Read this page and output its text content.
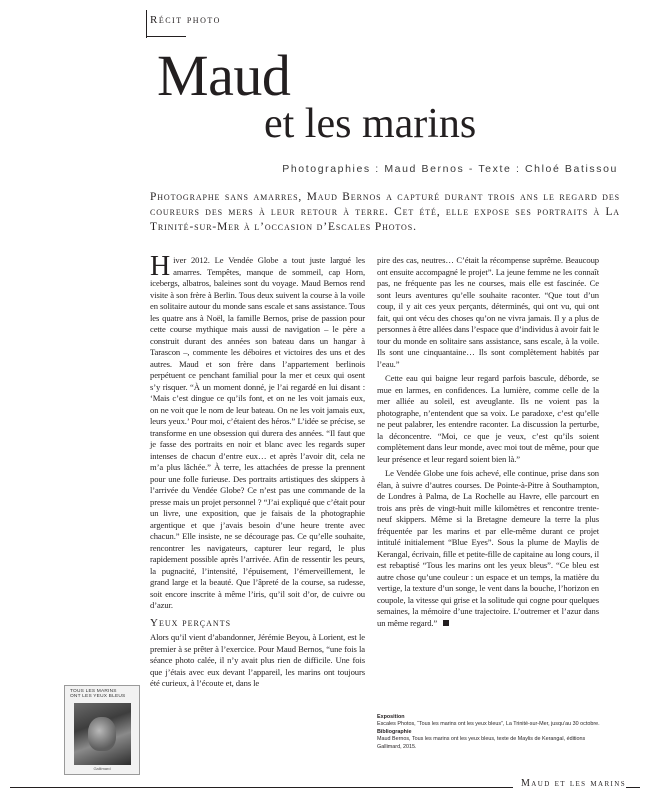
Récit photo
Maud
et les marins
Photographies : Maud Bernos - Texte : Chloé Batissou
Photographe sans amarres, Maud Bernos a capturé durant trois ans le regard des coureurs des mers à leur retour à terre. Cet été, elle expose ses portraits à La Trinité-sur-Mer à l’occasion d’Escales Photos.

Hiver 2012. Le Vendée Globe a tout juste largué les amarres. Tempêtes, manque de sommeil, cap Horn, icebergs, albatros, baleines sont du voyage. Maud Bernos rend visite à son frère à Berlin. Tous deux suivent la course à la voile en solitaire autour du monde sans escale et sans assistance. Tous les quatre ans à Noël, la famille Bernos, prise de passion pour cette course mythique mais aussi de navigation – le père a construit durant des années son bateau dans un hangar à Tarascon –, commente les déboires et victoires des uns et des autres. Maud et son frère dans l’appartement berlinois perpétuent ce penchant familial pour la mer et ceux qui osent s’y risquer. “À un moment donné, je l’ai regardé en lui disant : ‘Mais c’est dingue ce qu’ils font, et on ne les voit jamais eux, on ne voit que le nom de leur bateau. On ne les voit jamais eux, leurs yeux.’ Pour moi, c’étaient des héros.” L’idée se précise, se transforme en une obsession qui durera des années. “Il faut que je fasse des portraits en noir et blanc avec les regards super intenses de chacun d’entre eux… et après l’avoir dit, cela ne m’a plus lâchée.” À terre, les attachées de presse la prennent pour une folle furieuse. Des portraits artistiques des skippers à l’arrivée du Vendée Globe? Ce n’est pas une commande de la presse mais un projet personnel ? “J’ai expliqué que c’était pour un livre, une exposition, que je faisais de la photographie argentique et que j’avais besoin d’une heure trente avec chacun.” Elle insiste, ne se décourage pas. Ce qu’elle souhaite, rencontrer les navigateurs, capturer leur regard, le plus rapidement possible après l’arrivée. Afin de ressentir les peurs, la pugnacité, l’intensité, l’épuisement, l’émerveillement, le grand large et la beauté. Que l’âpreté de la course, sa rudesse, soit encore inscrite à même l’iris, qu’il soit d’or, de cuivre ou d’azur.

Yeux perçants

Alors qu’il vient d’abandonner, Jérémie Beyou, à Lorient, est le premier à se prêter à l’exercice. Pour Maud Bernos, “une fois la séance photo calée, il n’y avait plus rien de difficile. Une fois que j’étais avec eux devant l’appareil, les marins ont toujours été curieux, à l’écoute et, dans le

pire des cas, neutres… C’était la récompense suprême. Beaucoup ont ensuite accompagné le projet”. La jeune femme ne les connaît pas, ne fréquente pas les ne courses, mais elle est fascinée. Ce sont leurs aventures qu’elle souhaite raconter. “Que tout d’un coup, il y ait ces yeux perçants, déterminés, qui ont vu, qui ont fait, qui ont vécu des choses qu’on ne vivra jamais. Il y a plus de personnes à être allées dans l’espace que d’individus à avoir fait le tour du monde en solitaire sans assistance, sans escale, à la voile. Ils sont une cinquantaine… Ils sont complètement habités par l’eau.”

Cette eau qui baigne leur regard parfois bascule, déborde, se mue en larmes, en confidences. La lumière, comme celle de la mer alliée au soleil, est aveuglante. Ils ne voient pas la photographe, n’entendent que sa voix. Le paradoxe, c’est qu’elle ne peut palabrer, les entendre raconter. La discussion la perturbe, la déconcentre. “Moi, ce que je veux, c’est qu’ils soient complètement dans leur monde, avec moi tout de même, pour que leur présence et leur regard soient bien là.”

Le Vendée Globe une fois achevé, elle continue, prise dans son élan, à suivre d’autres courses. De Pointe-à-Pitre à Southampton, de Londres à Palma, de La Rochelle au Havre, elle parcourt en trois ans près de vingt-huit mille kilomètres et rencontre trente-neuf skippers. Même si la Bretagne demeure la terre la plus fréquentée par les marins et par elle-même durant ce projet intitulé initialement “Blue Eyes”. Sous la plume de Maylis de Kerangal, écrivain, fille et petite-fille de capitaine au long cours, il est rebaptisé “Tous les marins ont les yeux bleus”. “Ce bleu est autre chose qu’une couleur : un espace et un temps, la matière du vertige, la texture d’un songe, le vent dans la bouche, l’horizon en coupole, la vitesse qui grise et la solitude qui cogne pour quelques semaines, la mémoire d’une trajectoire. L’outremer et l’azur dans un même regard.”

TOUS LES MARINS
ONT LES YEUX BLEUS
Gallimard
Exposition
Escales Photos, “Tous les marins ont les yeux bleus”, La Trinité-sur-Mer, jusqu’au 30 octobre.
Bibliographie
Maud Bernos, Tous les marins ont les yeux bleus, texte de Maylis de Kerangal, éditions Gallimard, 2015.
Maud et les marins
